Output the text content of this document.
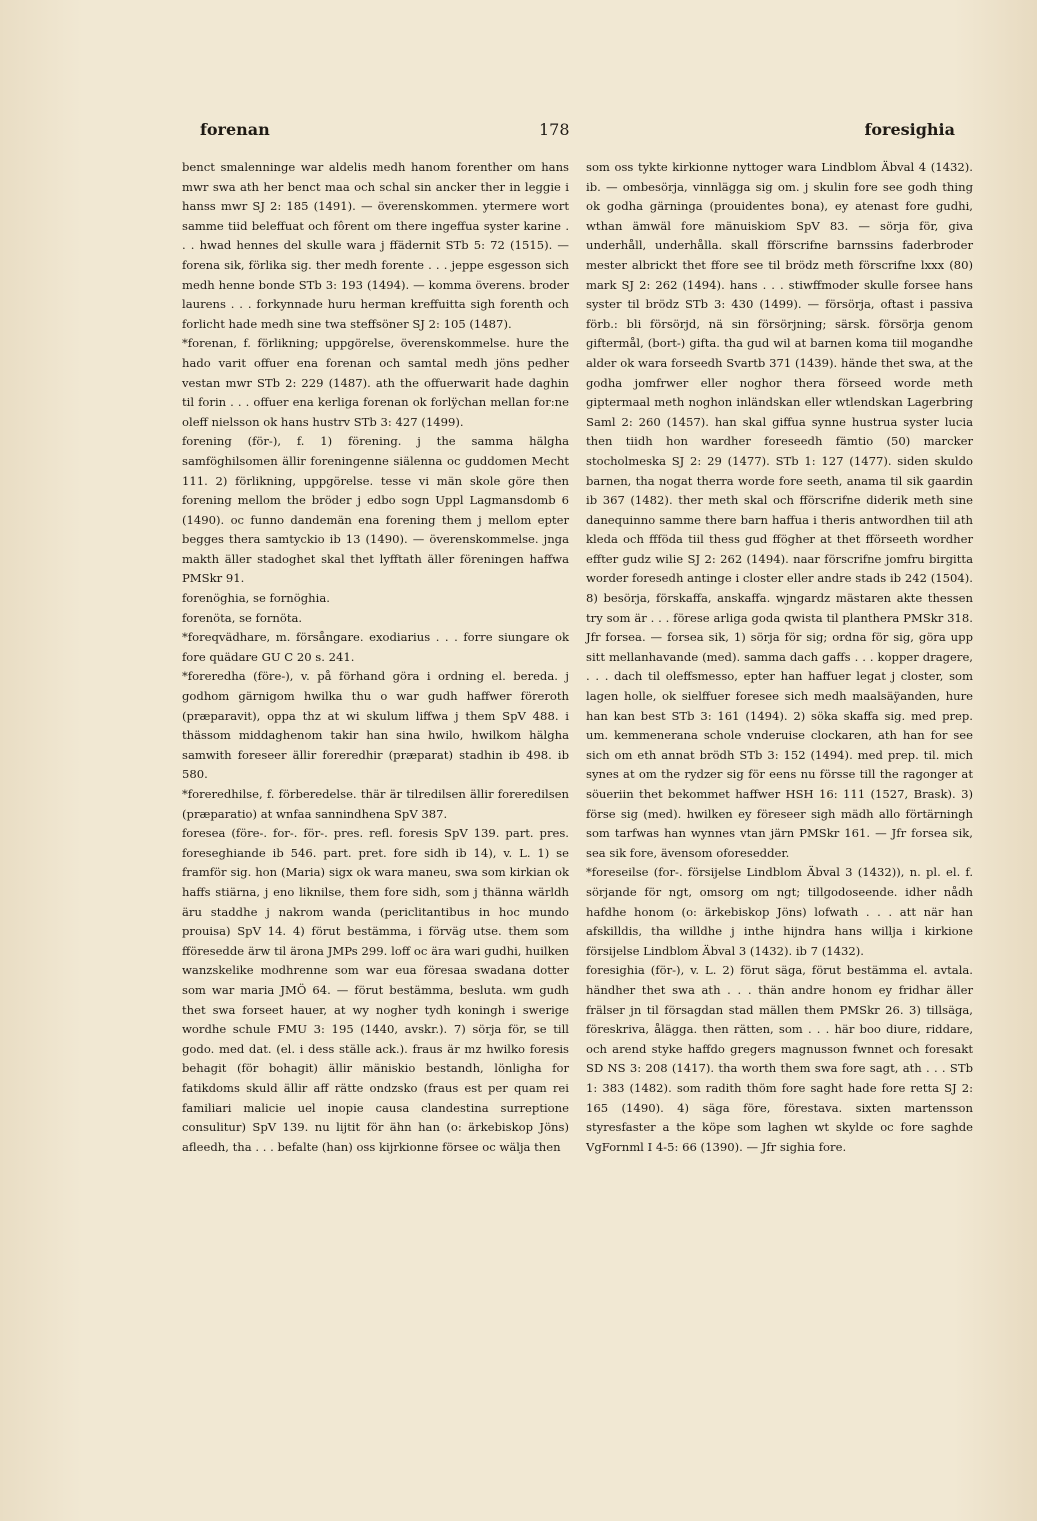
forenan	178	foresighia

benct smalenninge war aldelis medh hanom forenther om hans mwr swa ath her benct maa och schal sin ancker ther in leggie i hanss mwr SJ 2: 185 (1491). — överenskommen. ytermere wort samme tiid beleffuat och fôrent om there ingeffua syster karine . . . hwad hennes del skulle wara j ffädernit STb 5: 72 (1515). — forena sik, förlika sig. ther medh forente . . . jeppe esgesson sich medh henne bonde STb 3: 193 (1494). — komma överens. broder laurens . . . forkynnade huru herman kreffuitta sigh forenth och forlicht hade medh sine twa steffsöner SJ 2: 105 (1487).

*forenan, f. förlikning; uppgörelse, överenskommelse. hure the hado varit offuer ena forenan och samtal medh jöns pedher vestan mwr STb 2: 229 (1487). ath the offuerwarit hade daghin til forin . . . offuer ena kerliga forenan ok forlÿchan mellan for:ne oleff nielsson ok hans hustrv STb 3: 427 (1499).

forening (för-), f. 1) förening. j the samma hälgha samföghilsomen ällir foreningenne siälenna oc guddomen Mecht 111. 2) förlikning, uppgörelse. tesse vi män skole göre then forening mellom the bröder j edbo sogn Uppl Lagmansdomb 6 (1490). oc funno dandemän ena forening them j mellom epter begges thera samtyckio ib 13 (1490). — överenskommelse. jnga makth äller stadoghet skal thet lyfftath äller föreningen haffwa PMSkr 91.

forenöghia, se fornöghia.

forenöta, se fornöta.

*foreqvädhare, m. försångare. exodiarius . . . forre siungare ok fore quädare GU C 20 s. 241.

*foreredha (före-), v. på förhand göra i ordning el. bereda. j godhom gärnigom hwilka thu o war gudh haffwer föreroth (præparavit), oppa thz at wi skulum liffwa j them SpV 488. i thässom middaghenom takir han sina hwilo, hwilkom hälgha samwith foreseer ällir foreredhir (præparat) stadhin ib 498. ib 580.

*foreredhilse, f. förberedelse. thär är tilredilsen ällir foreredilsen (præparatio) at wnfaa sannindhena SpV 387.

foresea (före-. for-. för-. pres. refl. foresis SpV 139. part. pres. foreseghiande ib 546. part. pret. fore sidh ib 14), v. L. 1) se framför sig. hon (Maria) sigx ok wara maneu, swa som kirkian ok haffs stiärna, j eno liknilse, them fore sidh, som j thänna wärldh äru staddhe j nakrom wanda (periclitantibus in hoc mundo prouisa) SpV 14. 4) förut bestämma, i förväg utse. them som fföresedde ärw til ärona JMPs 299. loff oc ära wari gudhi, huilken wanzskelike modhrenne som war eua föresaa swadana dotter som war maria JMÖ 64. — förut bestämma, besluta. wm gudh thet swa forseet hauer, at wy nogher tydh koningh i swerige wordhe schule FMU 3: 195 (1440, avskr.). 7) sörja för, se till godo. med dat. (el. i dess ställe ack.). fraus är mz hwilko foresis behagit (för bohagit) ällir mäniskio bestandh, lönligha for fatikdoms skuld ällir aff rätte ondzsko (fraus est per quam rei familiari malicie uel inopie causa clandestina surreptione consulitur) SpV 139. nu lijtit för ähn han (o: ärkebiskop Jöns) afleedh, tha . . . befalte (han) oss kijrkionne försee oc wälja then

som oss tykte kirkionne nyttoger wara Lindblom Äbval 4 (1432). ib. — ombesörja, vinnlägga sig om. j skulin fore see godh thing ok godha gärninga (prouidentes bona), ey atenast fore gudhi, wthan ämwäl fore mänuiskiom SpV 83. — sörja för, giva underhåll, underhålla. skall fförscrifne barnssins faderbroder mester albrickt thet ffore see til brödz meth förscrifne lxxx (80) mark SJ 2: 262 (1494). hans . . . stiwffmoder skulle forsee hans syster til brödz STb 3: 430 (1499). — försörja, oftast i passiva förb.: bli försörjd, nä sin försörjning; särsk. försörja genom giftermål, (bort-) gifta. tha gud wil at barnen koma tiil mogandhe alder ok wara forseedh Svartb 371 (1439). hände thet swa, at the godha jomfrwer eller noghor thera förseed worde meth giptermaal meth noghon inländskan eller wtlendskan Lagerbring Saml 2: 260 (1457). han skal giffua synne hustrua syster lucia then tiidh hon wardher foreseedh fämtio (50) marcker stocholmeska SJ 2: 29 (1477). STb 1: 127 (1477). siden skuldo barnen, tha nogat therra worde fore seeth, anama til sik gaardin ib 367 (1482). ther meth skal och fförscrifne diderik meth sine danequinno samme there barn haffua i theris antwordhen tiil ath kleda och ffföda tiil thess gud ffögher at thet fförseeth wordher effter gudz wilie SJ 2: 262 (1494). naar förscrifne jomfru birgitta worder foresedh antinge i closter eller andre stads ib 242 (1504). 8) besörja, förskaffa, anskaffa. wjngardz mästaren akte thessen try som är . . . förese arliga goda qwista til planthera PMSkr 318. Jfr forsea. — forsea sik, 1) sörja för sig; ordna för sig, göra upp sitt mellanhavande (med). samma dach gaffs . . . kopper dragere, . . . dach til oleffsmesso, epter han haffuer legat j closter, som lagen holle, ok sielffuer foresee sich medh maalsäÿanden, hure han kan best STb 3: 161 (1494). 2) söka skaffa sig. med prep. um. kemmenerana schole vnderuise clockaren, ath han for see sich om eth annat brödh STb 3: 152 (1494). med prep. til. mich synes at om the rydzer sig för eens nu försse till the ragonger at söueriin thet bekommet haffwer HSH 16: 111 (1527, Brask). 3) förse sig (med). hwilken ey föreseer sigh mädh allo förtärningh som tarfwas han wynnes vtan järn PMSkr 161. — Jfr forsea sik, sea sik fore, ävensom oforesedder.

*foreseilse (for-. försijelse Lindblom Äbval 3 (1432)), n. pl. el. f. sörjande för ngt, omsorg om ngt; tillgodoseende. idher nådh hafdhe honom (o: ärkebiskop Jöns) lofwath . . . att när han afskilldis, tha willdhe j inthe hijndra hans willja i kirkione försijelse Lindblom Äbval 3 (1432). ib 7 (1432).

foresighia (för-), v. L. 2) förut säga, förut bestämma el. avtala. händher thet swa ath . . . thän andre honom ey fridhar äller frälser jn til försagdan stad mällen them PMSkr 26. 3) tillsäga, föreskriva, ålägga. then rätten, som . . . här boo diure, riddare, och arend styke haffdo gregers magnusson fwnnet och foresakt SD NS 3: 208 (1417). tha worth them swa fore sagt, ath . . . STb 1: 383 (1482). som radith thöm fore saght hade fore retta SJ 2: 165 (1490). 4) säga före, förestava. sixten martensson styresfaster a the köpe som laghen wt skylde oc fore saghde VgFornml I 4-5: 66 (1390). — Jfr sighia fore.
